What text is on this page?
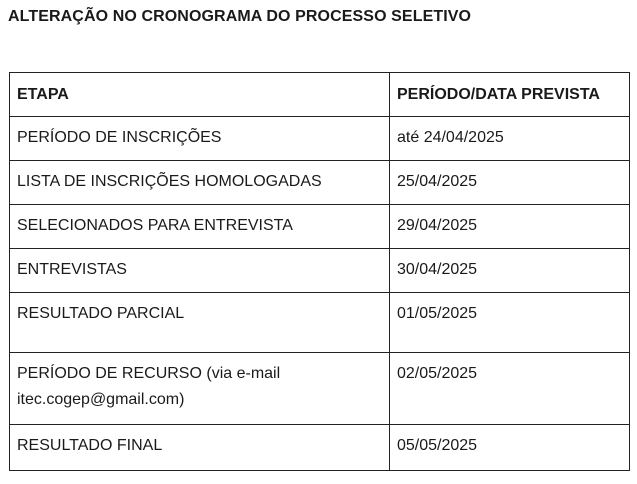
ALTERAÇÃO NO CRONOGRAMA DO PROCESSO SELETIVO
ETAPA	PERÍODO/DATA PREVISTA
PERÍODO DE INSCRIÇÕES	até 24/04/2025
LISTA DE INSCRIÇÕES HOMOLOGADAS	25/04/2025
SELECIONADOS PARA ENTREVISTA	29/04/2025
ENTREVISTAS	30/04/2025
RESULTADO PARCIAL	01/05/2025
PERÍODO DE RECURSO (via e-mail itec.cogep@gmail.com)	02/05/2025
RESULTADO FINAL	05/05/2025
